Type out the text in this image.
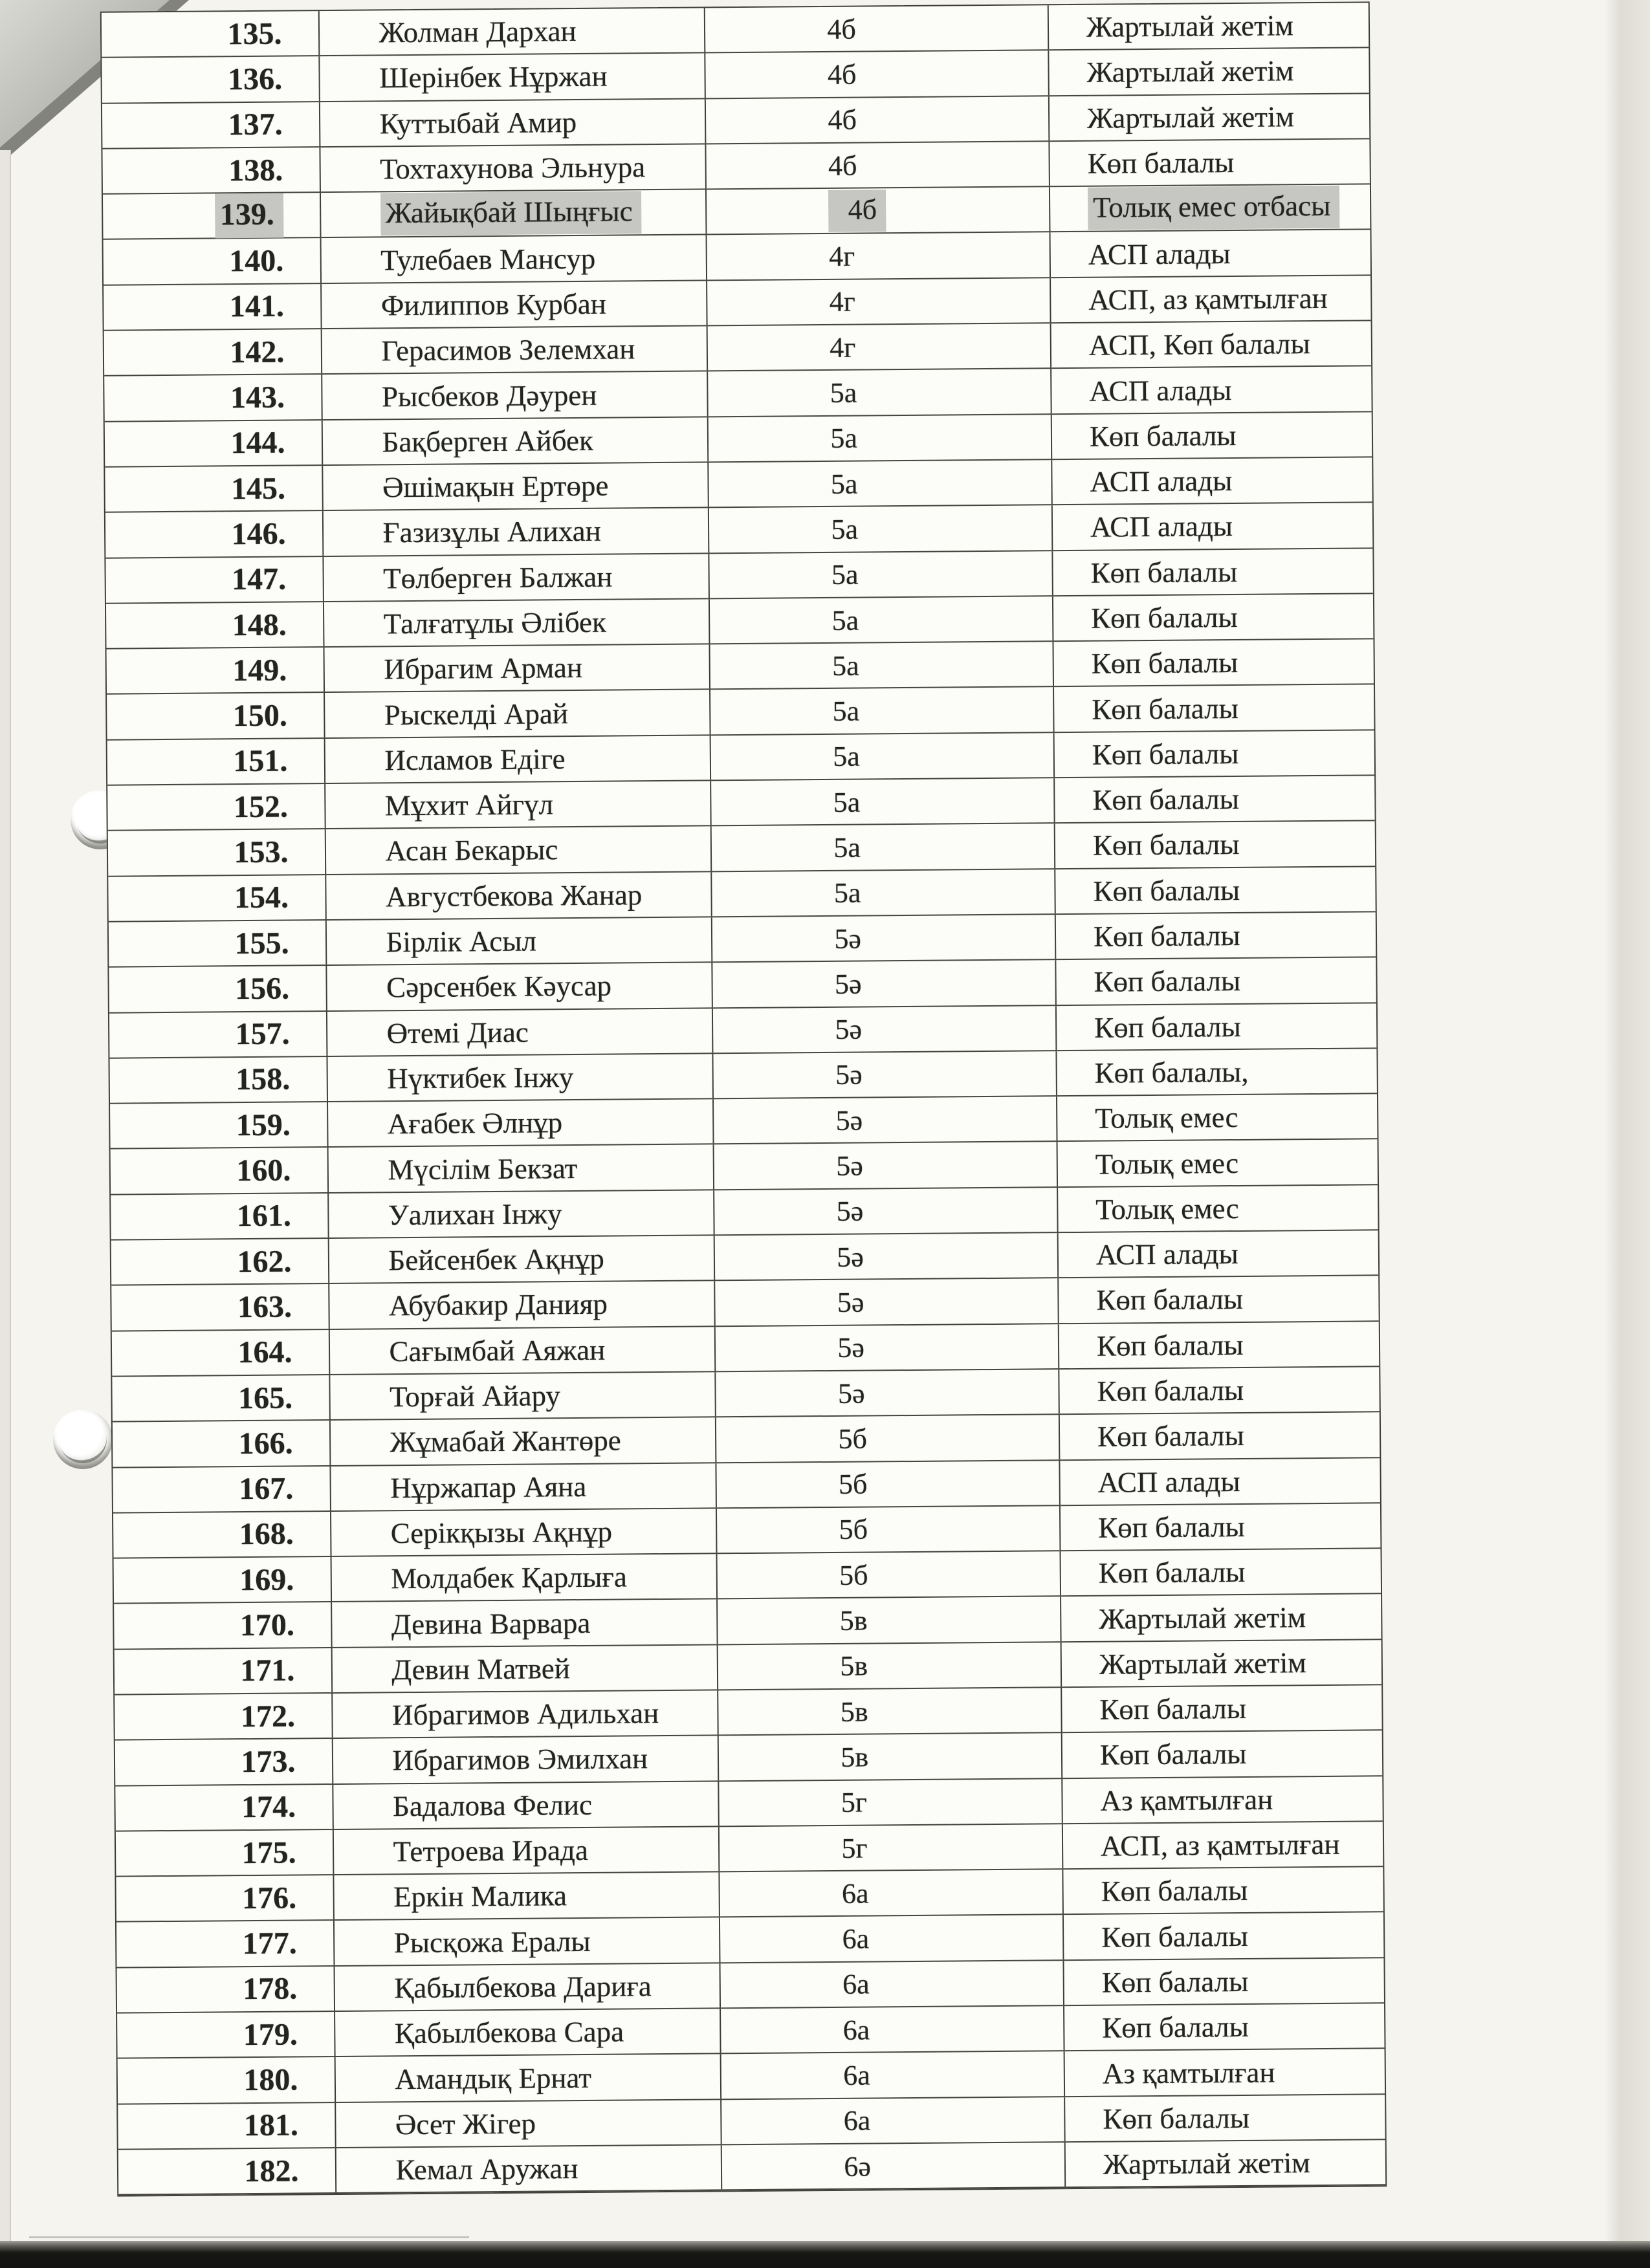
135.	Жолман Дархан	4б	Жартылай жетім
136.	Шерінбек Нұржан	4б	Жартылай жетім
137.	Куттыбай Амир	4б	Жартылай жетім
138.	Тохтахунова Эльнура	4б	Көп балалы
139.	Жайықбай Шыңғыс	4б	Толық емес отбасы
140.	Тулебаев Мансур	4г	АСП алады
141.	Филиппов Курбан	4г	АСП, аз қамтылған
142.	Герасимов Зелемхан	4г	АСП, Көп балалы
143.	Рысбеков Дәурен	5а	АСП алады
144.	Бақберген Айбек	5а	Көп балалы
145.	Әшімақын Ертөре	5а	АСП алады
146.	Ғазизұлы Алихан	5а	АСП алады
147.	Төлберген Балжан	5а	Көп балалы
148.	Талғатұлы Әлібек	5а	Көп балалы
149.	Ибрагим Арман	5а	Көп балалы
150.	Рыскелді Арай	5а	Көп балалы
151.	Исламов Едіге	5а	Көп балалы
152.	Мұхит Айгүл	5а	Көп балалы
153.	Асан Бекарыс	5а	Көп балалы
154.	Августбекова Жанар	5а	Көп балалы
155.	Бірлік Асыл	5ә	Көп балалы
156.	Сәрсенбек Кәусар	5ә	Көп балалы
157.	Өтемі Диас	5ә	Көп балалы
158.	Нүктибек Інжу	5ә	Көп балалы,
159.	Ағабек Әлнұр	5ә	Толық емес
160.	Мүсілім Бекзат	5ә	Толық емес
161.	Уалихан Інжу	5ә	Толық емес
162.	Бейсенбек Ақнұр	5ә	АСП алады
163.	Абубакир Данияр	5ә	Көп балалы
164.	Сағымбай Аяжан	5ә	Көп балалы
165.	Торғай Айару	5ә	Көп балалы
166.	Жұмабай Жантөре	5б	Көп балалы
167.	Нұржапар Аяна	5б	АСП алады
168.	Серікқызы Ақнұр	5б	Көп балалы
169.	Молдабек Қарлыға	5б	Көп балалы
170.	Девина Варвара	5в	Жартылай жетім
171.	Девин Матвей	5в	Жартылай жетім
172.	Ибрагимов Адильхан	5в	Көп балалы
173.	Ибрагимов Эмилхан	5в	Көп балалы
174.	Бадалова Фелис	5г	Аз қамтылған
175.	Тетроева Ирада	5г	АСП, аз қамтылған
176.	Еркін Малика	6а	Көп балалы
177.	Рысқожа Ералы	6а	Көп балалы
178.	Қабылбекова Дариға	6а	Көп балалы
179.	Қабылбекова Сара	6а	Көп балалы
180.	Амандық Ернат	6а	Аз қамтылған
181.	Әсет Жігер	6а	Көп балалы
182.	Кемал Аружан	6ә	Жартылай жетім
